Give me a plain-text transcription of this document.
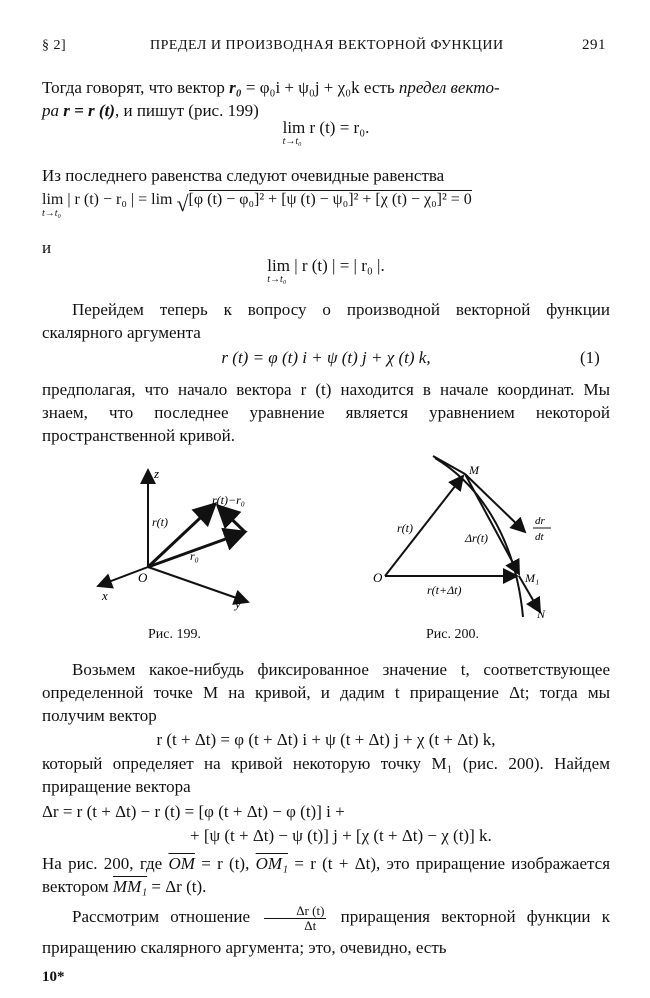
§ 2]	ПРЕДЕЛ И ПРОИЗВОДНАЯ ВЕКТОРНОЙ ФУНКЦИИ	291
Тогда говорят, что вектор r₀ = φ₀i + ψ₀j + χ₀k есть предел векто-
ра r = r (t), и пишут (рис. 199)
lim r (t) = r₀.
t→t₀
Из последнего равенства следуют очевидные равенства
lim | r (t) − r₀ | = lim
t→t₀	√[φ (t) − φ₀]² + [ψ (t) − ψ₀]² + [χ (t) − χ₀]² = 0
и
lim | r (t) | = | r₀ |.
t→t₀
Перейдем теперь к вопросу о производной векторной функции скалярного аргумента
r (t) = φ (t) i + ψ (t) j + χ (t) k,	(1)
предполагая, что начало вектора r (t) находится в начале координат. Мы знаем, что последнее уравнение является уравнением некоторой пространственной кривой.
z
y
x
O
r(t)
r₀
r(t)−r₀
Рис. 199.
O
M
M₁
N
r(t)
r(t+Δt)
Δr(t)
dr
dt
Рис. 200.
Возьмем какое-нибудь фиксированное значение t, соответствующее определенной точке M на кривой, и дадим t приращение Δt; тогда мы получим вектор
r (t + Δt) = φ (t + Δt) i + ψ (t + Δt) j + χ (t + Δt) k,
который определяет на кривой некоторую точку M₁ (рис. 200). Найдем приращение вектора
Δr = r (t + Δt) − r (t) = [φ (t + Δt) − φ (t)] i +
+ [ψ (t + Δt) − ψ (t)] j + [χ (t + Δt) − χ (t)] k.
На рис. 200, где $\overline{OM} = r$ (t), OM₁ = r (t + Δt), это приращение изображается вектором MM₁ = Δr (t).
Рассмотрим отношение $\frac{\Delta r (t)}{\Delta t}$ приращения векторной функции к приращению скалярного аргумента; это, очевидно, есть
10*
